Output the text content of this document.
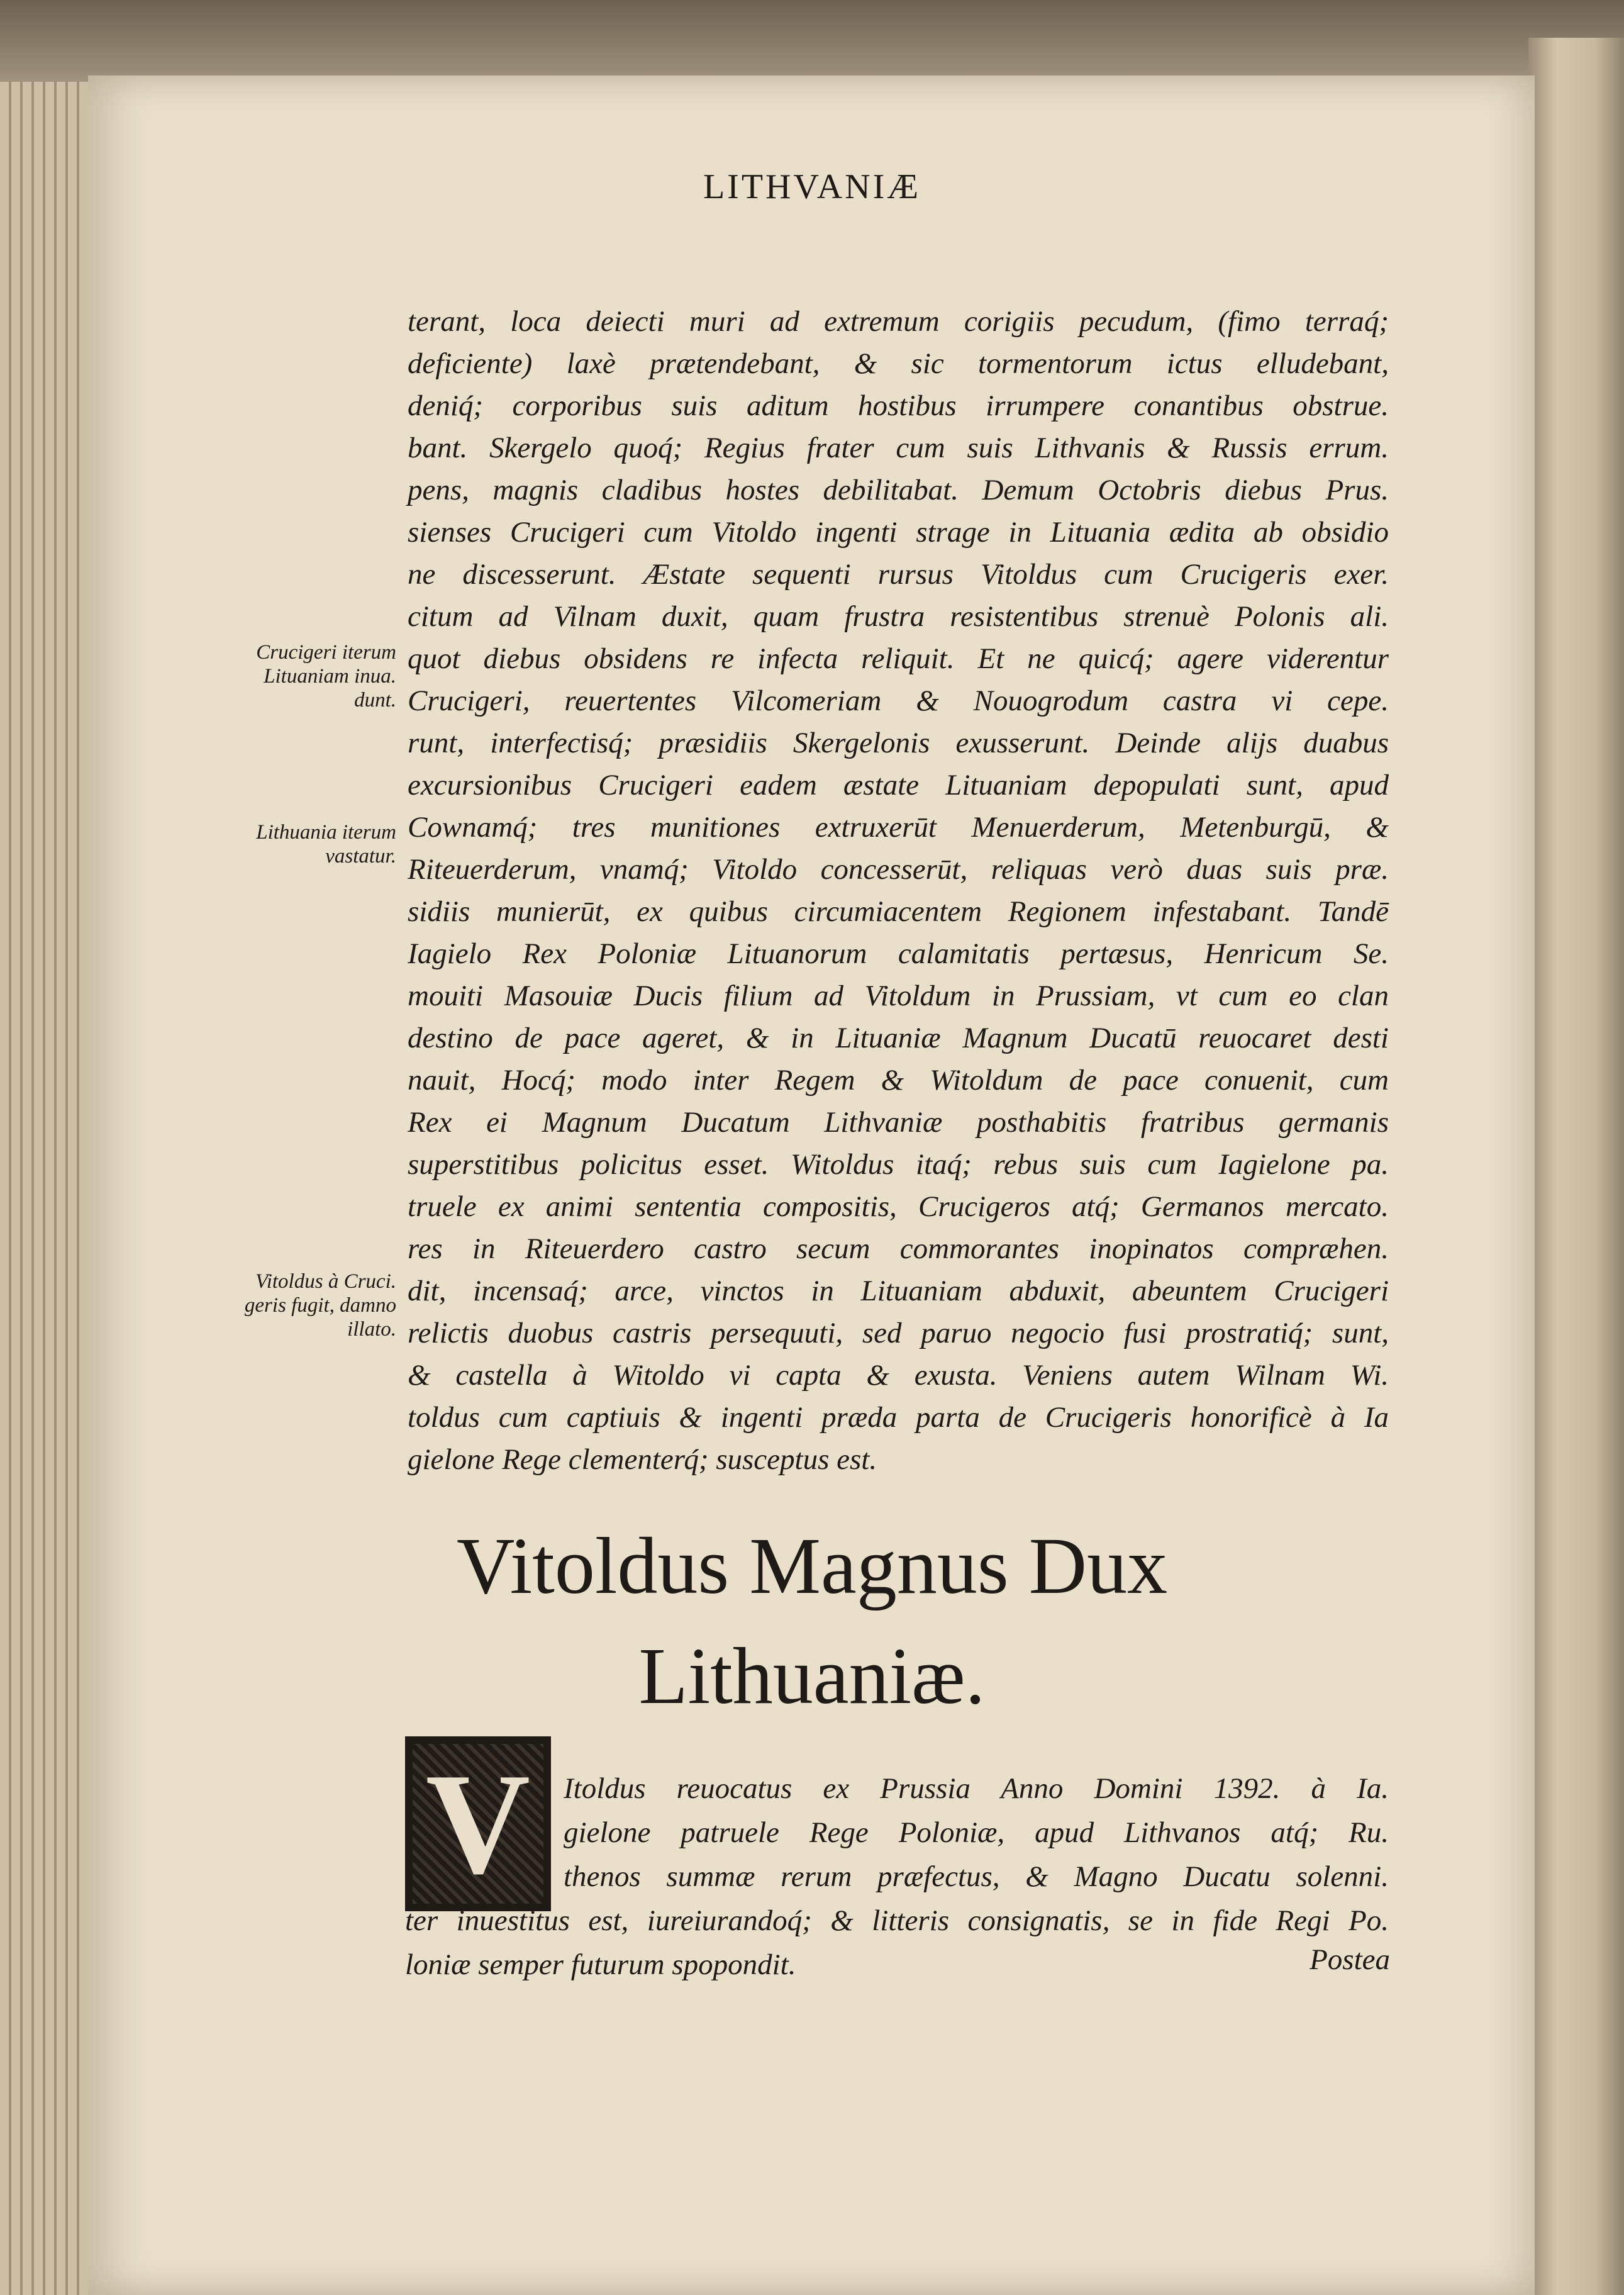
LITHVANIÆ
terant, loca deiecti muri ad extremum corigiis pecudum, (fimo terraq́;
deficiente) laxè prætendebant, & sic tormentorum ictus elludebant,
deniq́; corporibus suis aditum hostibus irrumpere conantibus obstrue.
bant. Skergelo quoq́; Regius frater cum suis Lithvanis & Russis errum.
pens, magnis cladibus hostes debilitabat. Demum Octobris diebus Prus.
sienses Crucigeri cum Vitoldo ingenti strage in Lituania ædita ab obsidio
ne discesserunt. Æstate sequenti rursus Vitoldus cum Crucigeris exer.
citum ad Vilnam duxit, quam frustra resistentibus strenuè Polonis ali.
quot diebus obsidens re infecta reliquit. Et ne quicq́; agere viderentur
Crucigeri, reuertentes Vilcomeriam & Nouogrodum castra vi cepe.
runt, interfectisq́; præsidiis Skergelonis exusserunt. Deinde alijs duabus
excursionibus Crucigeri eadem æstate Lituaniam depopulati sunt, apud
Cownamq́; tres munitiones extruxerūt Menuerderum, Metenburgū, &
Riteuerderum, vnamq́; Vitoldo concesserūt, reliquas verò duas suis præ.
sidiis munierūt, ex quibus circumiacentem Regionem infestabant. Tandē
Iagielo Rex Poloniæ Lituanorum calamitatis pertæsus, Henricum Se.
mouiti Masouiæ Ducis filium ad Vitoldum in Prussiam, vt cum eo clan
destino de pace ageret, & in Lituaniæ Magnum Ducatū reuocaret desti
nauit, Hocq́; modo inter Regem & Witoldum de pace conuenit, cum
Rex ei Magnum Ducatum Lithvaniæ posthabitis fratribus germanis
superstitibus policitus esset. Witoldus itaq́; rebus suis cum Iagielone pa.
truele ex animi sententia compositis, Crucigeros atq́; Germanos mercato.
res in Riteuerdero castro secum commorantes inopinatos compræhen.
dit, incensaq́; arce, vinctos in Lituaniam abduxit, abeuntem Crucigeri
relictis duobus castris persequuti, sed paruo negocio fusi prostratiq́; sunt,
& castella à Witoldo vi capta & exusta. Veniens autem Wilnam Wi.
toldus cum captiuis & ingenti præda parta de Crucigeris honorificè à Ia
gielone Rege clementerq́; susceptus est.
Crucigeri iterum
Lituaniam inua.
dunt.
Lithuania iterum
vastatur.
Vitoldus à Cruci.
geris fugit, damno
illato.
Vitoldus Magnus Dux
Lithuaniæ.
V Itoldus reuocatus ex Prussia Anno Domini 1392. à Ia.
gielone patruele Rege Poloniæ, apud Lithvanos atq́; Ru.
thenos summæ rerum præfectus, & Magno Ducatu solenni.
ter inuestitus est, iureiurandoq́; & litteris consignatis, se in fide Regi Po.
loniæ semper futurum spopondit.	Postea
